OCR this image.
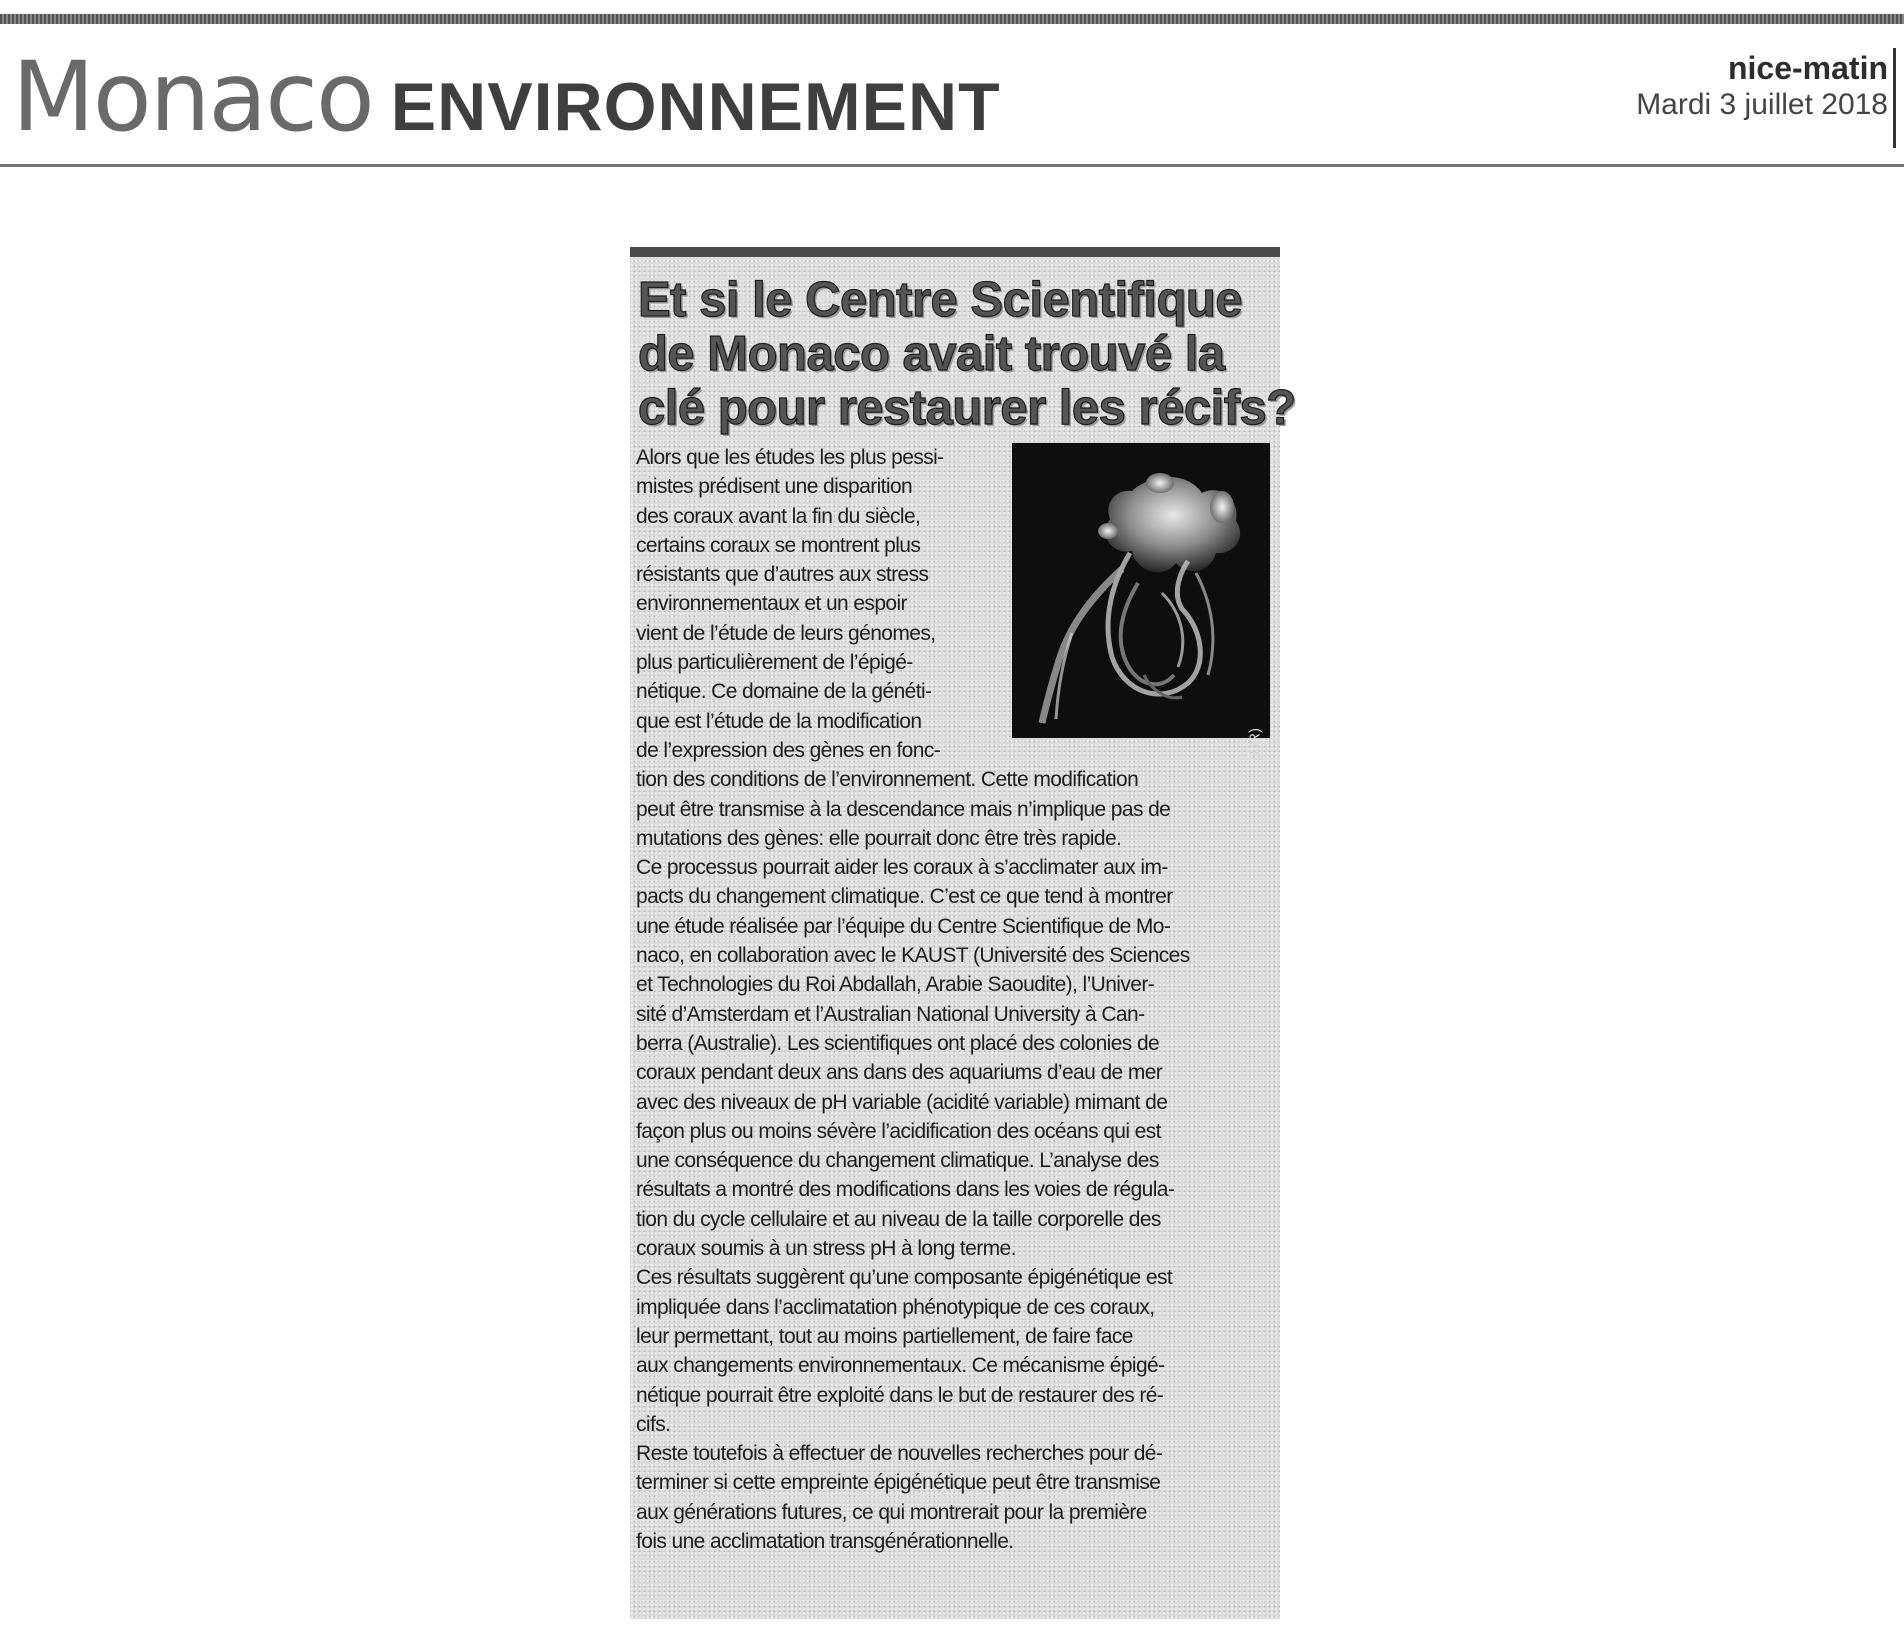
Monaco ENVIRONNEMENT
nice-matin
Mardi 3 juillet 2018
Et si le Centre Scientifique
de Monaco avait trouvé la
clé pour restaurer les récifs?
(DR)
Alors que les études les plus pessi-
mistes prédisent une disparition
des coraux avant la fin du siècle,
certains coraux se montrent plus
résistants que d’autres aux stress
environnementaux et un espoir
vient de l’étude de leurs génomes,
plus particulièrement de l’épigé-
nétique. Ce domaine de la généti-
que est l’étude de la modification
de l’expression des gènes en fonc-
tion des conditions de l’environnement. Cette modification
peut être transmise à la descendance mais n’implique pas de
mutations des gènes: elle pourrait donc être très rapide.
Ce processus pourrait aider les coraux à s’acclimater aux im-
pacts du changement climatique. C’est ce que tend à montrer
une étude réalisée par l’équipe du Centre Scientifique de Mo-
naco, en collaboration avec le KAUST (Université des Sciences
et Technologies du Roi Abdallah, Arabie Saoudite), l’Univer-
sité d’Amsterdam et l’Australian National University à Can-
berra (Australie). Les scientifiques ont placé des colonies de
coraux pendant deux ans dans des aquariums d’eau de mer
avec des niveaux de pH variable (acidité variable) mimant de
façon plus ou moins sévère l’acidification des océans qui est
une conséquence du changement climatique. L’analyse des
résultats a montré des modifications dans les voies de régula-
tion du cycle cellulaire et au niveau de la taille corporelle des
coraux soumis à un stress pH à long terme.
Ces résultats suggèrent qu’une composante épigénétique est
impliquée dans l’acclimatation phénotypique de ces coraux,
leur permettant, tout au moins partiellement, de faire face
aux changements environnementaux. Ce mécanisme épigé-
nétique pourrait être exploité dans le but de restaurer des ré-
cifs.
Reste toutefois à effectuer de nouvelles recherches pour dé-
terminer si cette empreinte épigénétique peut être transmise
aux générations futures, ce qui montrerait pour la première
fois une acclimatation transgénérationnelle.
